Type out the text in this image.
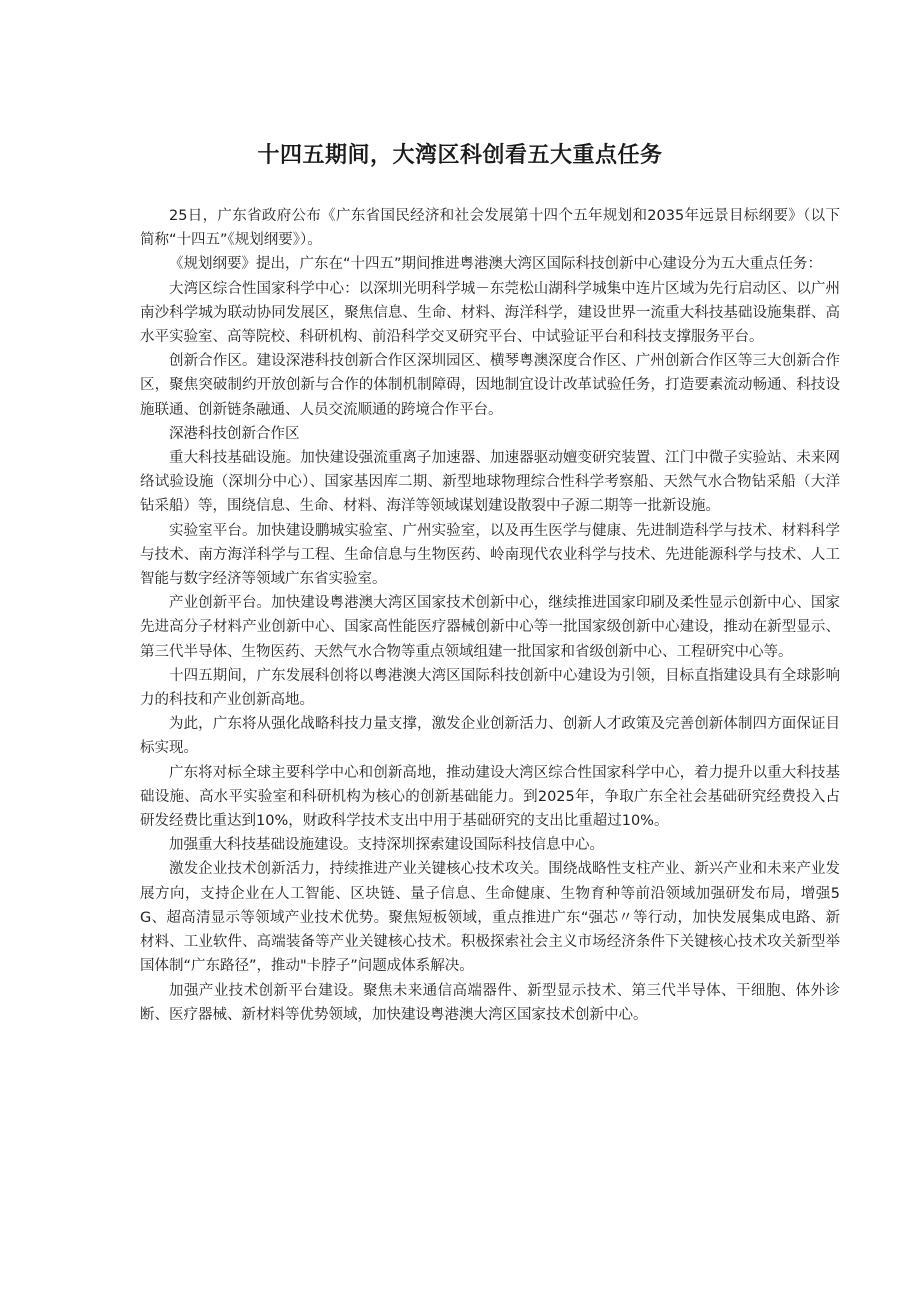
十四五期间，大湾区科创看五大重点任务

25日，广东省政府公布《广东省国民经济和社会发展第十四个五年规划和2035年远景目标纲要》（以下简称“十四五”《规划纲要》）。

《规划纲要》提出，广东在“十四五”期间推进粤港澳大湾区国际科技创新中心建设分为五大重点任务：

大湾区综合性国家科学中心：以深圳光明科学城－东莞松山湖科学城集中连片区域为先行启动区、以广州南沙科学城为联动协同发展区，聚焦信息、生命、材料、海洋科学，建设世界一流重大科技基础设施集群、高水平实验室、高等院校、科研机构、前沿科学交叉研究平台、中试验证平台和科技支撑服务平台。

创新合作区。建设深港科技创新合作区深圳园区、横琴粤澳深度合作区、广州创新合作区等三大创新合作区，聚焦突破制约开放创新与合作的体制机制障碍，因地制宜设计改革试验任务，打造要素流动畅通、科技设施联通、创新链条融通、人员交流顺通的跨境合作平台。

深港科技创新合作区

重大科技基础设施。加快建设强流重离子加速器、加速器驱动嬗变研究装置、江门中微子实验站、未来网络试验设施（深圳分中心）、国家基因库二期、新型地球物理综合性科学考察船、天然气水合物钻采船（大洋钻采船）等，围绕信息、生命、材料、海洋等领域谋划建设散裂中子源二期等一批新设施。

实验室平台。加快建设鹏城实验室、广州实验室，以及再生医学与健康、先进制造科学与技术、材料科学与技术、南方海洋科学与工程、生命信息与生物医药、岭南现代农业科学与技术、先进能源科学与技术、人工智能与数字经济等领域广东省实验室。

产业创新平台。加快建设粤港澳大湾区国家技术创新中心，继续推进国家印刷及柔性显示创新中心、国家先进高分子材料产业创新中心、国家高性能医疗器械创新中心等一批国家级创新中心建设，推动在新型显示、第三代半导体、生物医药、天然气水合物等重点领域组建一批国家和省级创新中心、工程研究中心等。

十四五期间，广东发展科创将以粤港澳大湾区国际科技创新中心建设为引领，目标直指建设具有全球影响力的科技和产业创新高地。

为此，广东将从强化战略科技力量支撑，激发企业创新活力、创新人才政策及完善创新体制四方面保证目标实现。

广东将对标全球主要科学中心和创新高地，推动建设大湾区综合性国家科学中心，着力提升以重大科技基础设施、高水平实验室和科研机构为核心的创新基础能力。到2025年，争取广东全社会基础研究经费投入占研发经费比重达到10%，财政科学技术支出中用于基础研究的支出比重超过10%。

加强重大科技基础设施建设。支持深圳探索建设国际科技信息中心。

激发企业技术创新活力，持续推进产业关键核心技术攻关。围绕战略性支柱产业、新兴产业和未来产业发展方向，支持企业在人工智能、区块链、量子信息、生命健康、生物育种等前沿领域加强研发布局，增强5G、超高清显示等领域产业技术优势。聚焦短板领域，重点推进广东“强芯〃等行动，加快发展集成电路、新材料、工业软件、高端装备等产业关键核心技术。积极探索社会主义市场经济条件下关键核心技术攻关新型举国体制“广东路径”，推动"卡脖子”问题成体系解决。

加强产业技术创新平台建设。聚焦未来通信高端器件、新型显示技术、第三代半导体、干细胞、体外诊断、医疗器械、新材料等优势领域，加快建设粤港澳大湾区国家技术创新中心。
